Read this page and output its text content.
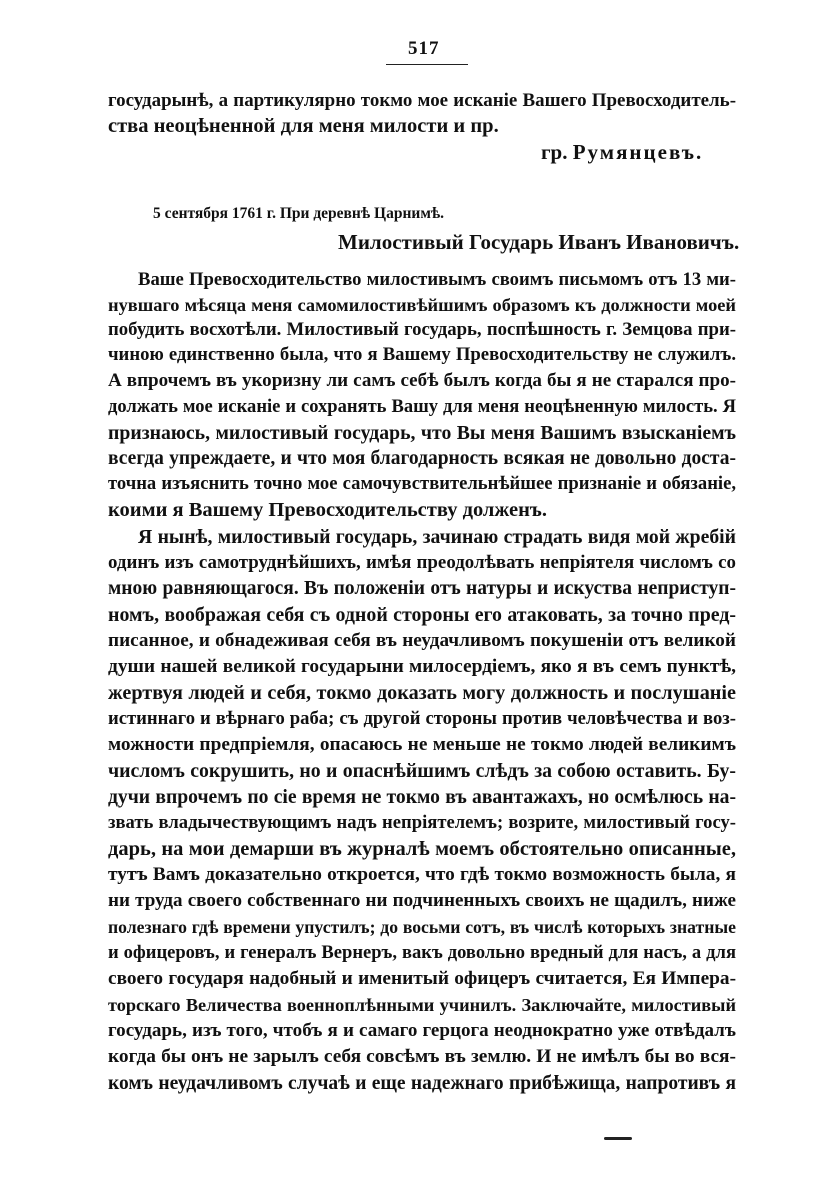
517
государынѣ, а партикулярно токмо мое исканіе Вашего Превосходитель-
ства неоцѣненной для меня милости и пр.
гр. Румянцевъ.
5 сентября 1761 г. При деревнѣ Царнимѣ.
Милостивый Государь Иванъ Ивановичъ.
Ваше Превосходительство милостивымъ своимъ письмомъ отъ 13 ми-
нувшаго мѣсяца меня самомилостивѣйшимъ образомъ къ должности моей
побудить восхотѣли. Милостивый государь, поспѣшность г. Земцова при-
чиною единственно была, что я Вашему Превосходительству не служилъ.
А впрочемъ въ укоризну ли самъ себѣ былъ когда бы я не старался про-
должать мое исканіе и сохранять Вашу для меня неоцѣненную милость. Я
признаюсь, милостивый государь, что Вы меня Вашимъ взысканіемъ
всегда упреждаете, и что моя благодарность всякая не довольно доста-
точна изъяснить точно мое самочувствительнѣйшее признаніе и обязаніе,
коими я Вашему Превосходительству долженъ.
Я нынѣ, милостивый государь, зачинаю страдать видя мой жребій
одинъ изъ самотруднѣйшихъ, имѣя преодолѣвать непріятеля числомъ со
мною равняющагося. Въ положеніи отъ натуры и искуства неприступ-
номъ, воображая себя съ одной стороны его атаковать, за точно пред-
писанное, и обнадеживая себя въ неудачливомъ покушеніи отъ великой
души нашей великой государыни милосердіемъ, яко я въ семъ пунктѣ,
жертвуя людей и себя, токмо доказать могу должность и послушаніе
истиннаго и вѣрнаго раба; съ другой стороны против человѣчества и воз-
можности предпріемля, опасаюсь не меньше не токмо людей великимъ
числомъ сокрушить, но и опаснѣйшимъ слѣдъ за собою оставить. Бу-
дучи впрочемъ по сіе время не токмо въ авантажахъ, но осмѣлюсь на-
звать владычествующимъ надъ непріятелемъ; возрите, милостивый госу-
дарь, на мои демарши въ журналѣ моемъ обстоятельно описанные,
тутъ Вамъ доказательно откроется, что гдѣ токмо возможность была, я
ни труда своего собственнаго ни подчиненныхъ своихъ не щадилъ, ниже
полезнаго гдѣ времени упустилъ; до восьми сотъ, въ числѣ которыхъ знатные
и офицеровъ, и генералъ Вернеръ, вакъ довольно вредный для насъ, а для
своего государя надобный и именитый офицеръ считается, Ея Импера-
торскаго Величества военноплѣнными учинилъ. Заключайте, милостивый
государь, изъ того, чтобъ я и самаго герцога неоднократно уже отвѣдалъ
когда бы онъ не зарылъ себя совсѣмъ въ землю. И не имѣлъ бы во вся-
комъ неудачливомъ случаѣ и еще надежнаго прибѣжища, напротивъ я
